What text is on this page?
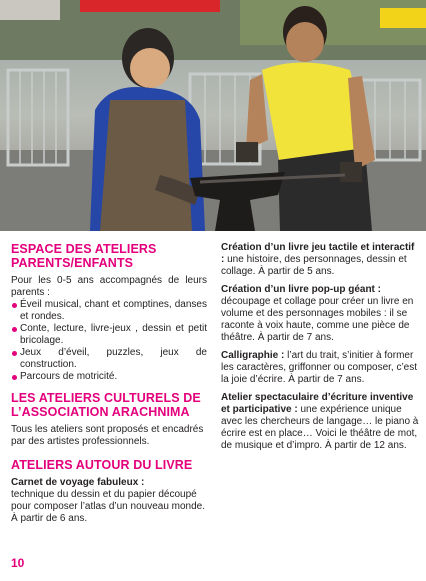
ESPACE DES ATELIERS PARENTS/ENFANTS

Pour les 0-5 ans accompagnés de leurs parents :

Éveil musical, chant et comptines, danses et rondes.
Conte, lecture, livre-jeux , dessin et petit bricolage.
Jeux d’éveil, puzzles, jeux de construction.
Parcours de motricité.
LES ATELIERS CULTURELS DE L’ASSOCIATION ARACHNIMA

Tous les ateliers sont proposés et encadrés par des artistes professionnels.

ATELIERS AUTOUR DU LIVRE

Carnet de voyage fabuleux :

technique du dessin et du papier découpé pour composer l’atlas d’un nouveau monde. À partir de 6 ans.

Création d’un livre jeu tactile et interactif : une histoire, des personnages, dessin et collage. À partir de 5 ans.

Création d’un livre pop-up géant : découpage et collage pour créer un livre en volume et des personnages mobiles : il se raconte à voix haute, comme une pièce de théâtre. À partir de 7 ans.

Calligraphie : l’art du trait, s’initier à former les caractères, griffonner ou composer, c’est la joie d’écrire. À partir de 7 ans.

Atelier spectaculaire d’écriture inventive et participative : une expérience unique avec les chercheurs de langage… le piano à écrire est en place… Voici le théâtre de mot, de musique et d’impro. À partir de 12 ans.

10
